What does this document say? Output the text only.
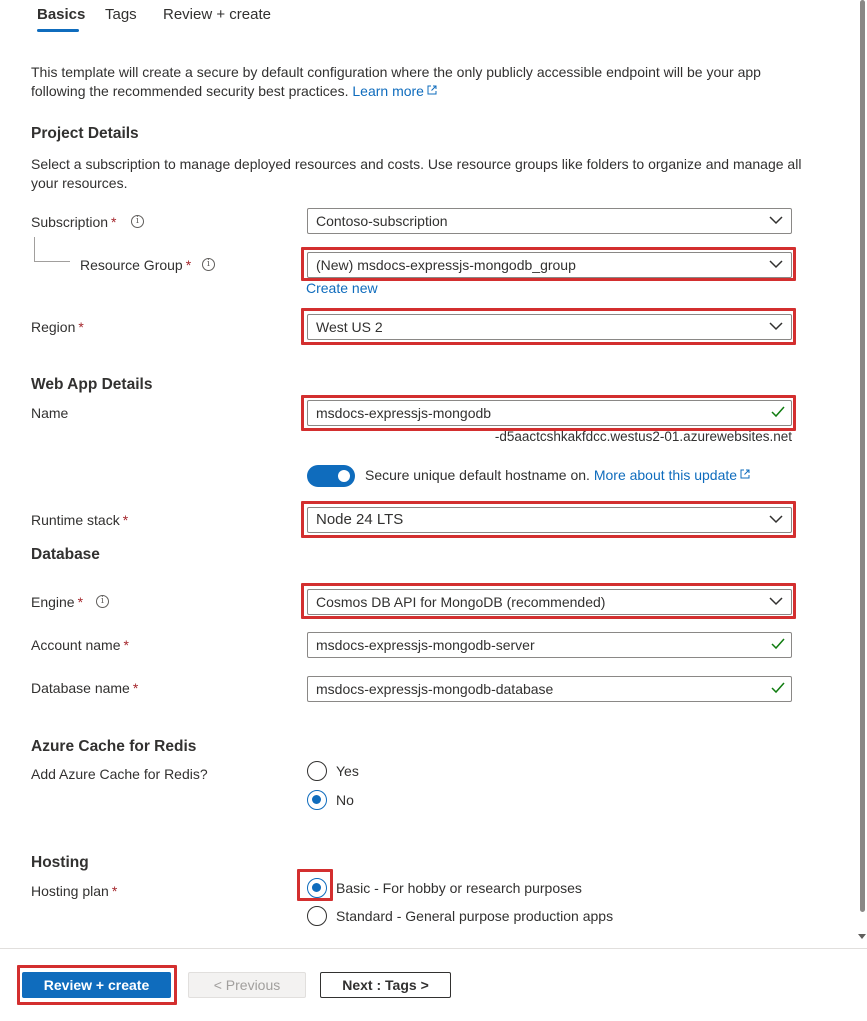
Basics Tags Review + create
This template will create a secure by default configuration where the only publicly accessible endpoint will be your app following the recommended security best practices. Learn more
Project Details
Select a subscription to manage deployed resources and costs. Use resource groups like folders to organize and manage all your resources.
Subscription *	i	Contoso-subscription
Resource Group *	i	(New) msdocs-expressjs-mongodb_group
Create new
Region *	West US 2
Web App Details
Name	msdocs-expressjs-mongodb
-d5aactcshkakfdcc.westus2-01.azurewebsites.net
Secure unique default hostname on. More about this update
Runtime stack *	Node 24 LTS
Database
Engine *	i	Cosmos DB API for MongoDB (recommended)
Account name *	msdocs-expressjs-mongodb-server
Database name *	msdocs-expressjs-mongodb-database
Azure Cache for Redis
Add Azure Cache for Redis?	Yes
No
Hosting
Hosting plan *	Basic - For hobby or research purposes
Standard - General purpose production apps
Review + create	< Previous	Next : Tags >
